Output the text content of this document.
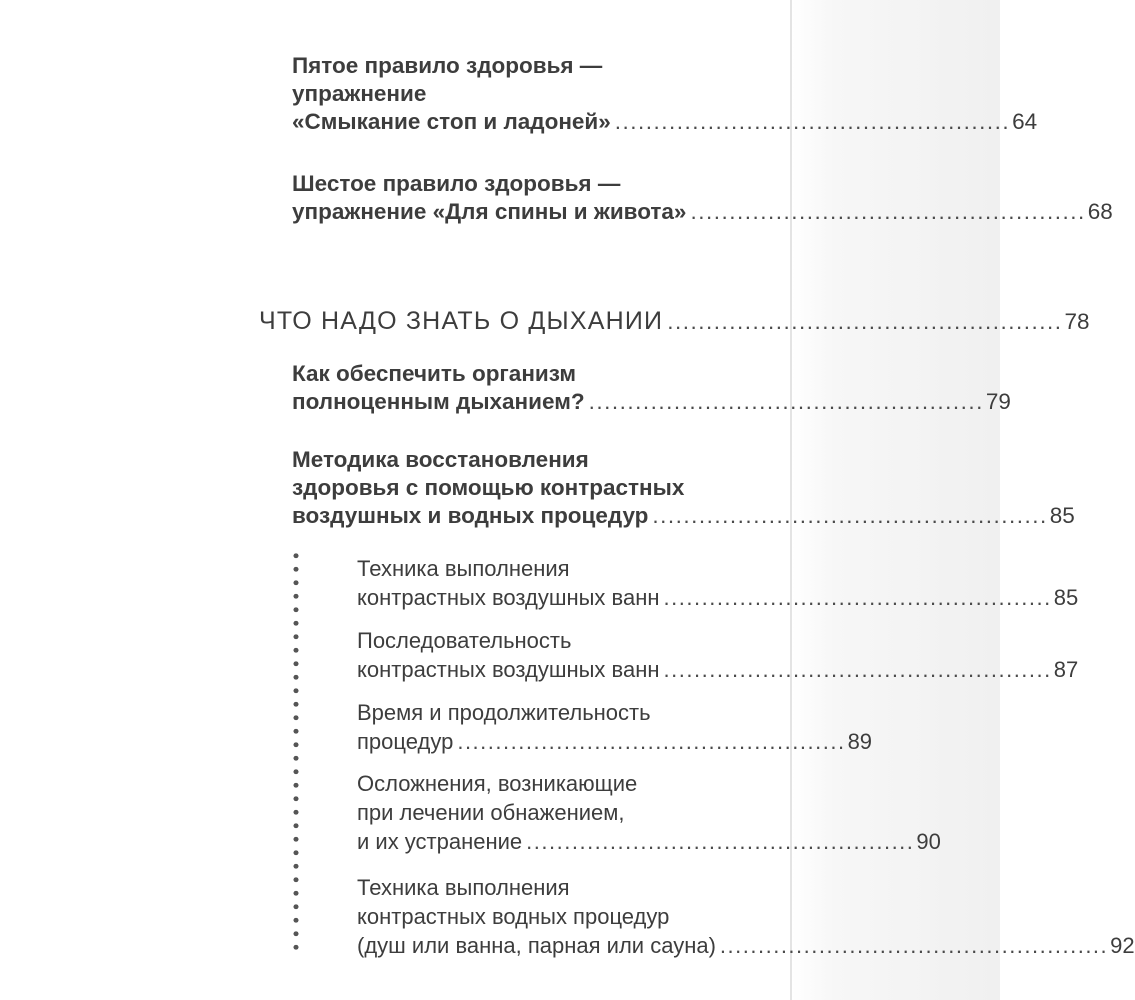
Пятое правило здоровья —
упражнение
«Смыкание стоп и ладоней» ................................................... 64
Шестое правило здоровья —
упражнение «Для спины и живота» ................................................... 68
ЧТО НАДО ЗНАТЬ О ДЫХАНИИ ................................................... 78
Как обеспечить организм
полноценным дыханием? ................................................... 79
Методика восстановления
здоровья с помощью контрастных
воздушных и водных процедур ................................................... 85
Техника выполнения
контрастных воздушных ванн ................................................... 85
Последовательность
контрастных воздушных ванн ................................................... 87
Время и продолжительность
процедур ................................................... 89
Осложнения, возникающие
при лечении обнажением,
и их устранение ................................................... 90
Техника выполнения
контрастных водных процедур
(душ или ванна, парная или сауна) ................................................... 92
